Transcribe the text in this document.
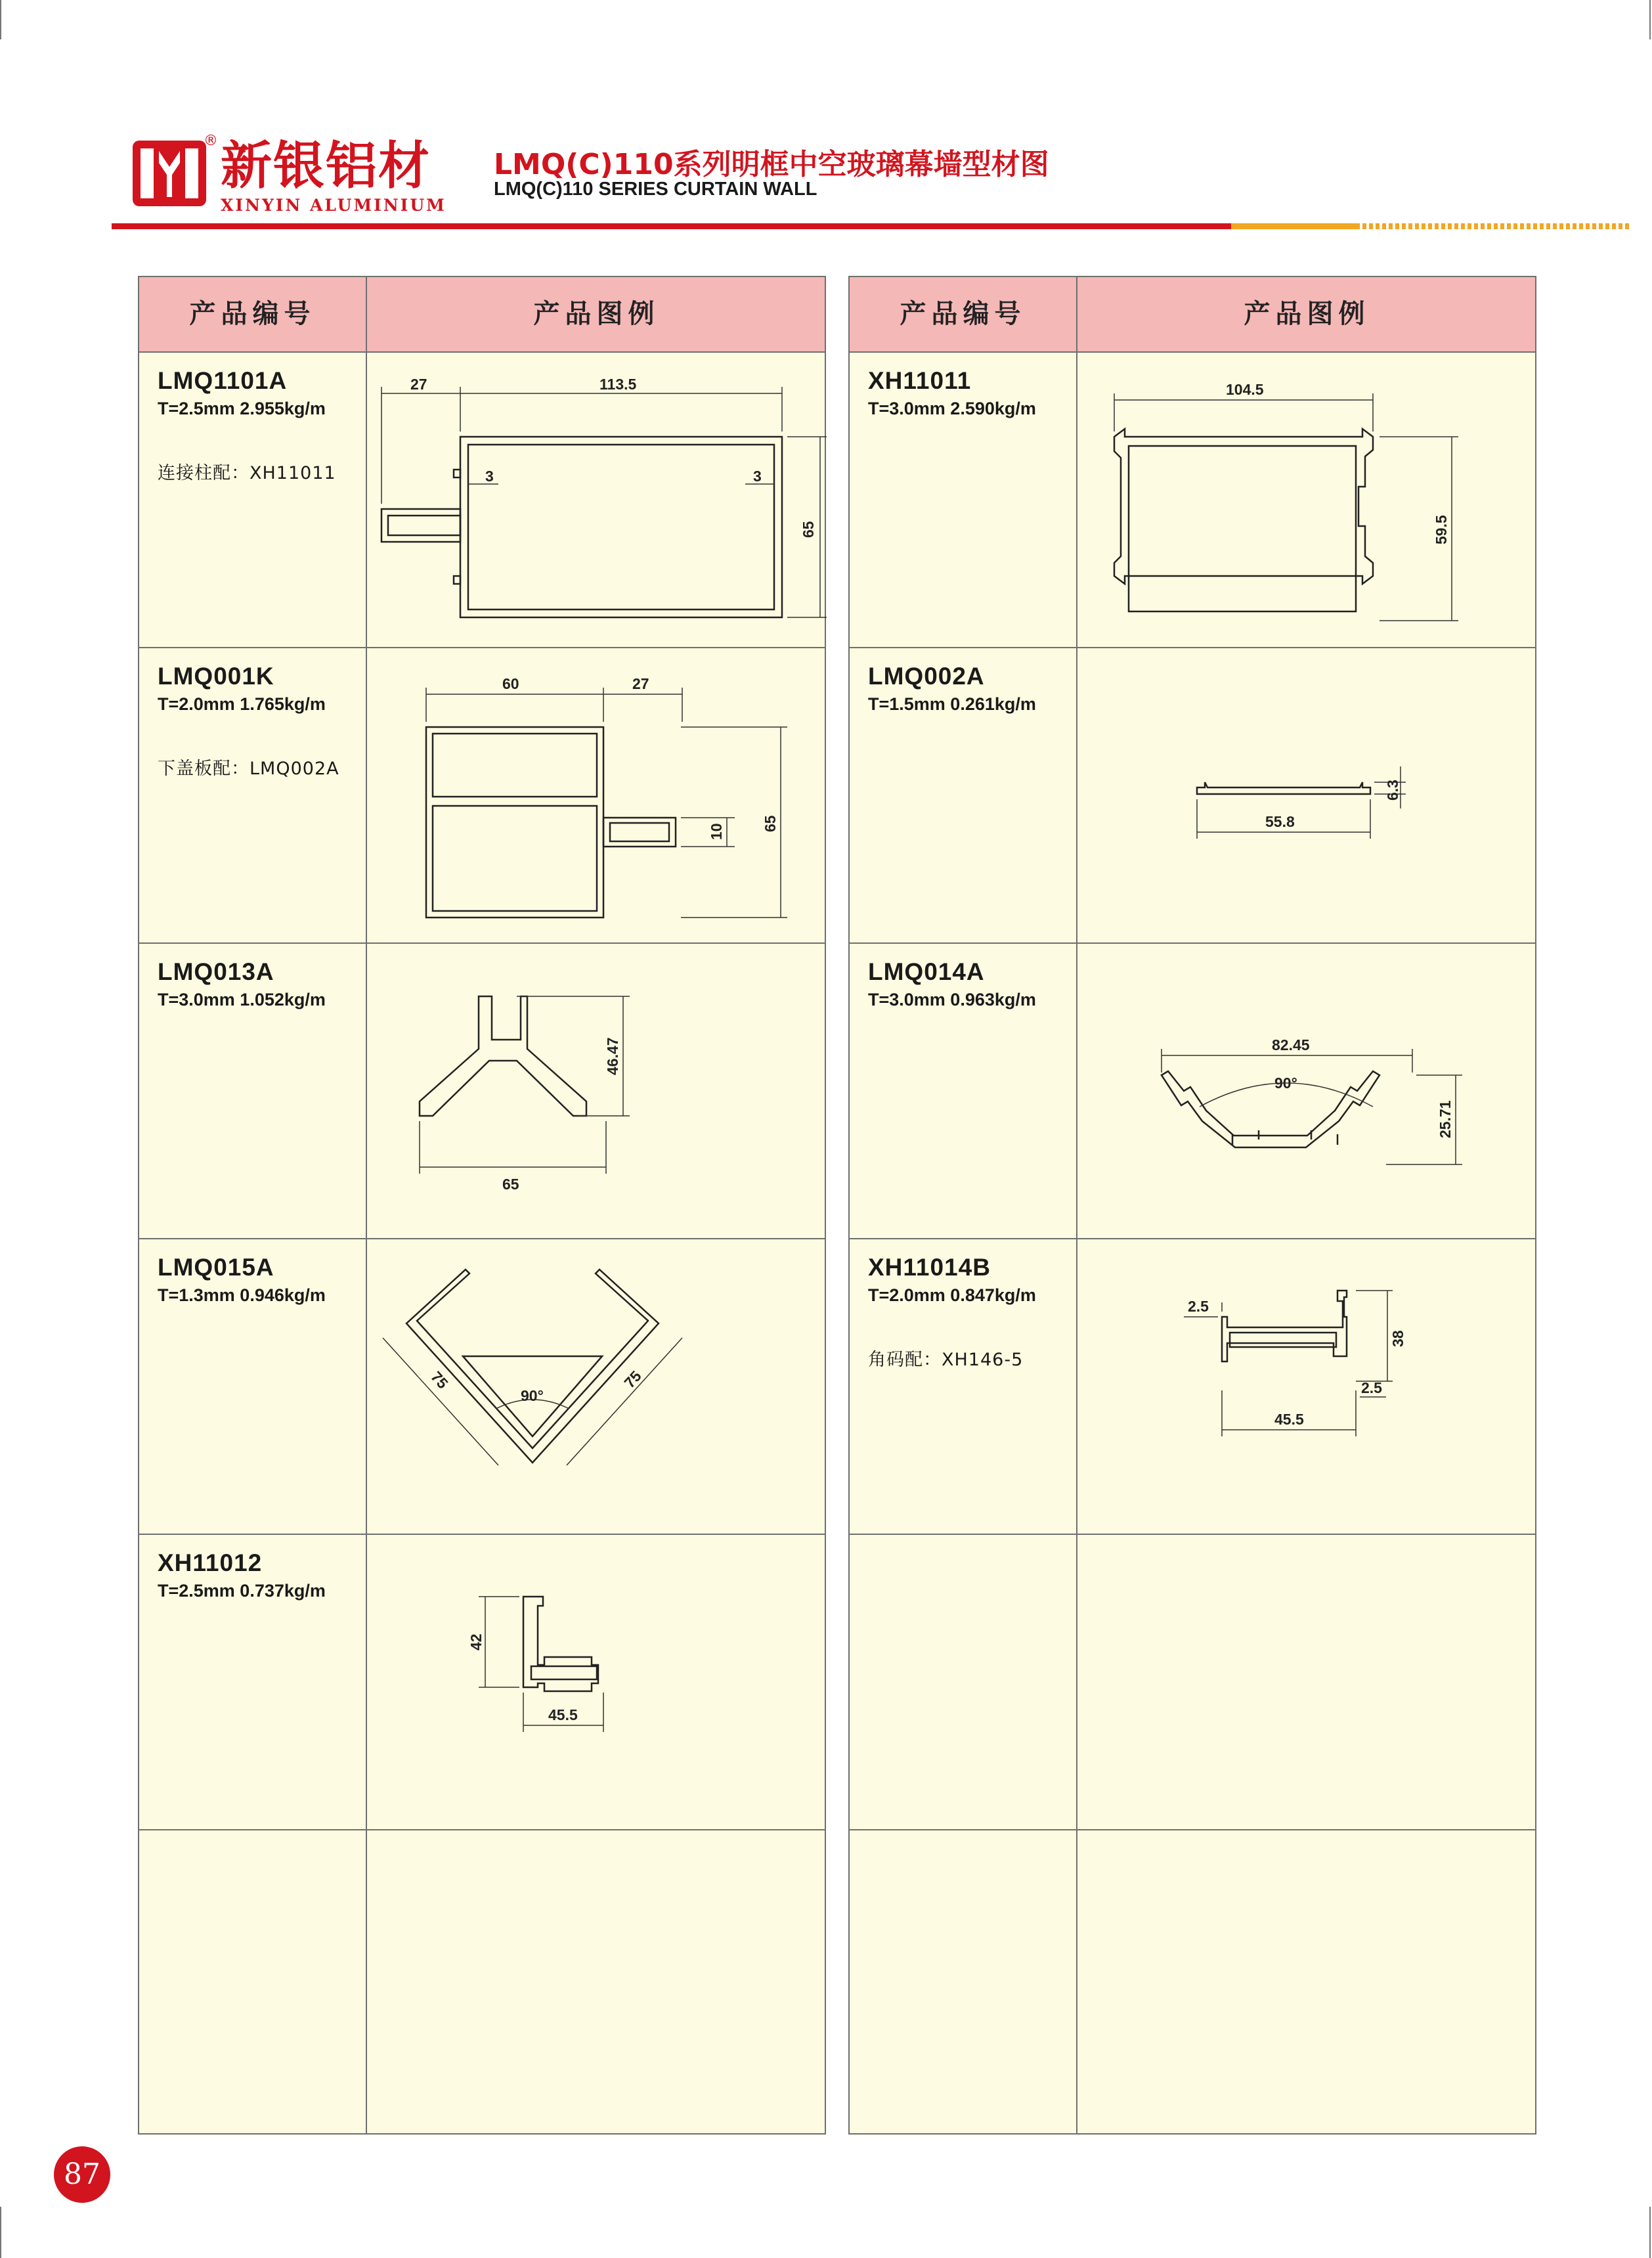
® 新银铝材
XINYIN ALUMINIUM
LMQ(C)110系列明框中空玻璃幕墙型材图
LMQ(C)110 SERIES CURTAIN WALL
产品编号	产品图例
LMQ1101A
T=2.5mm 2.955kg/m
连接柱配：XH11011
27	113.5
3	3
65
LMQ001K
T=2.0mm 1.765kg/m
下盖板配：LMQ002A
60	27
10 65
LMQ013A
T=3.0mm 1.052kg/m
46.47
65
LMQ015A
T=1.3mm 0.946kg/m
75
90°
75
XH11012
T=2.5mm 0.737kg/m
42
45.5
产品编号	产品图例
XH11011
T=3.0mm 2.590kg/m
104.5
59.5
LMQ002A
T=1.5mm 0.261kg/m
6.3
55.8
LMQ014A
T=3.0mm 0.963kg/m
82.45
90°
25.71
XH11014B
T=2.0mm 0.847kg/m
角码配：XH146-5
2.5
38
2.5
45.5
87
